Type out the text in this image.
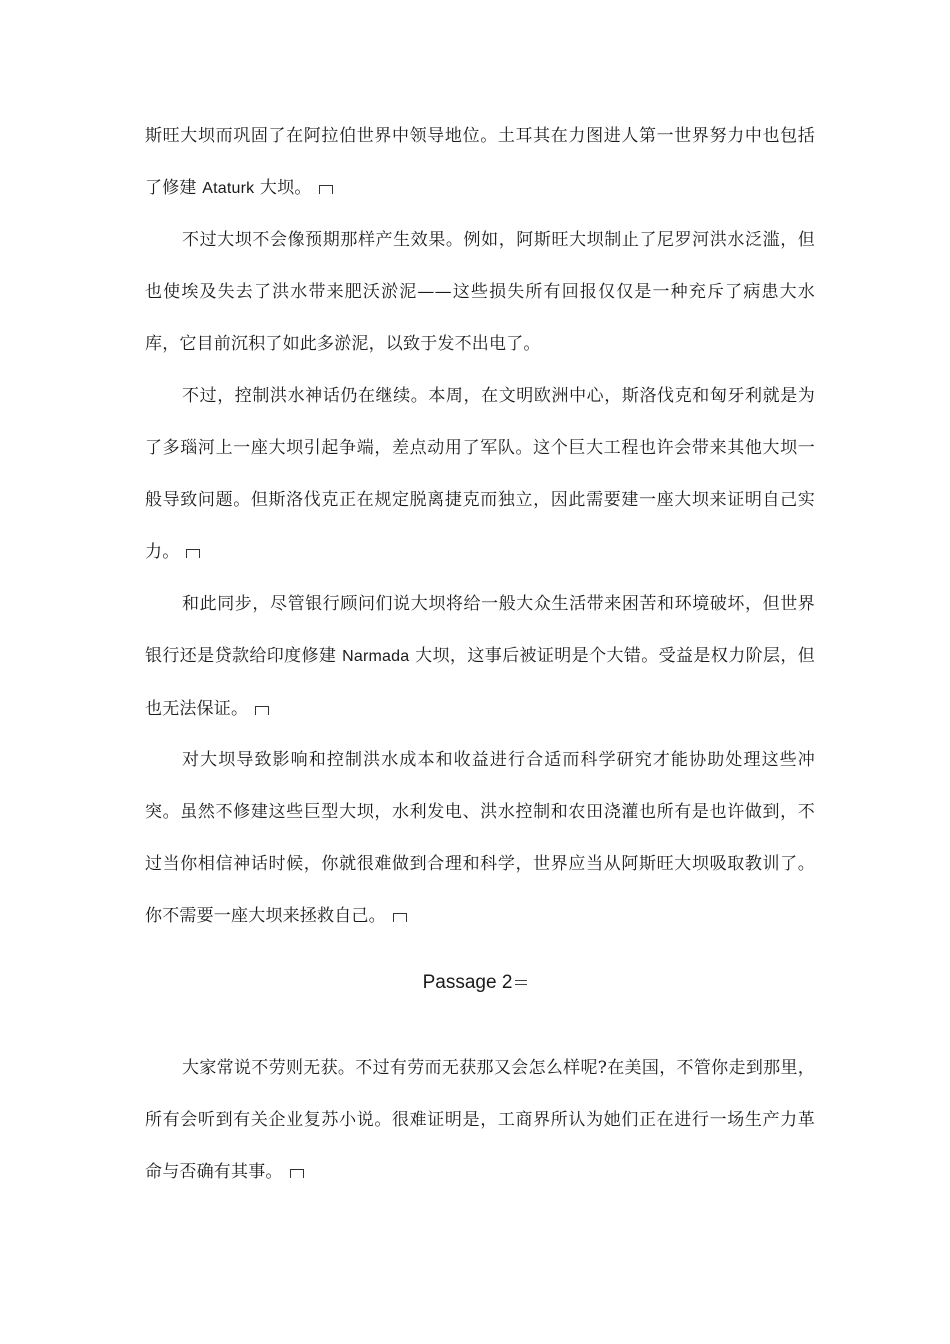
斯旺大坝而巩固了在阿拉伯世界中领导地位。土耳其在力图进人第一世界努力中也包括了修建 Ataturk 大坝。

不过大坝不会像预期那样产生效果。例如，阿斯旺大坝制止了尼罗河洪水泛滥，但也使埃及失去了洪水带来肥沃淤泥——这些损失所有回报仅仅是一种充斥了病患大水库，它目前沉积了如此多淤泥，以致于发不出电了。

不过，控制洪水神话仍在继续。本周，在文明欧洲中心，斯洛伐克和匈牙利就是为了多瑙河上一座大坝引起争端，差点动用了军队。这个巨大工程也许会带来其他大坝一般导致问题。但斯洛伐克正在规定脱离捷克而独立，因此需要建一座大坝来证明自己实力。

和此同步，尽管银行顾问们说大坝将给一般大众生活带来困苦和环境破坏，但世界银行还是贷款给印度修建 Narmada 大坝，这事后被证明是个大错。受益是权力阶层，但也无法保证。

对大坝导致影响和控制洪水成本和收益进行合适而科学研究才能协助处理这些冲突。虽然不修建这些巨型大坝，水利发电、洪水控制和农田浇灌也所有是也许做到，不过当你相信神话时候，你就很难做到合理和科学，世界应当从阿斯旺大坝吸取教训了。你不需要一座大坝来拯救自己。

Passage 2

大家常说不劳则无获。不过有劳而无获那又会怎么样呢?在美国，不管你走到那里，所有会听到有关企业复苏小说。很难证明是，工商界所认为她们正在进行一场生产力革命与否确有其事。
